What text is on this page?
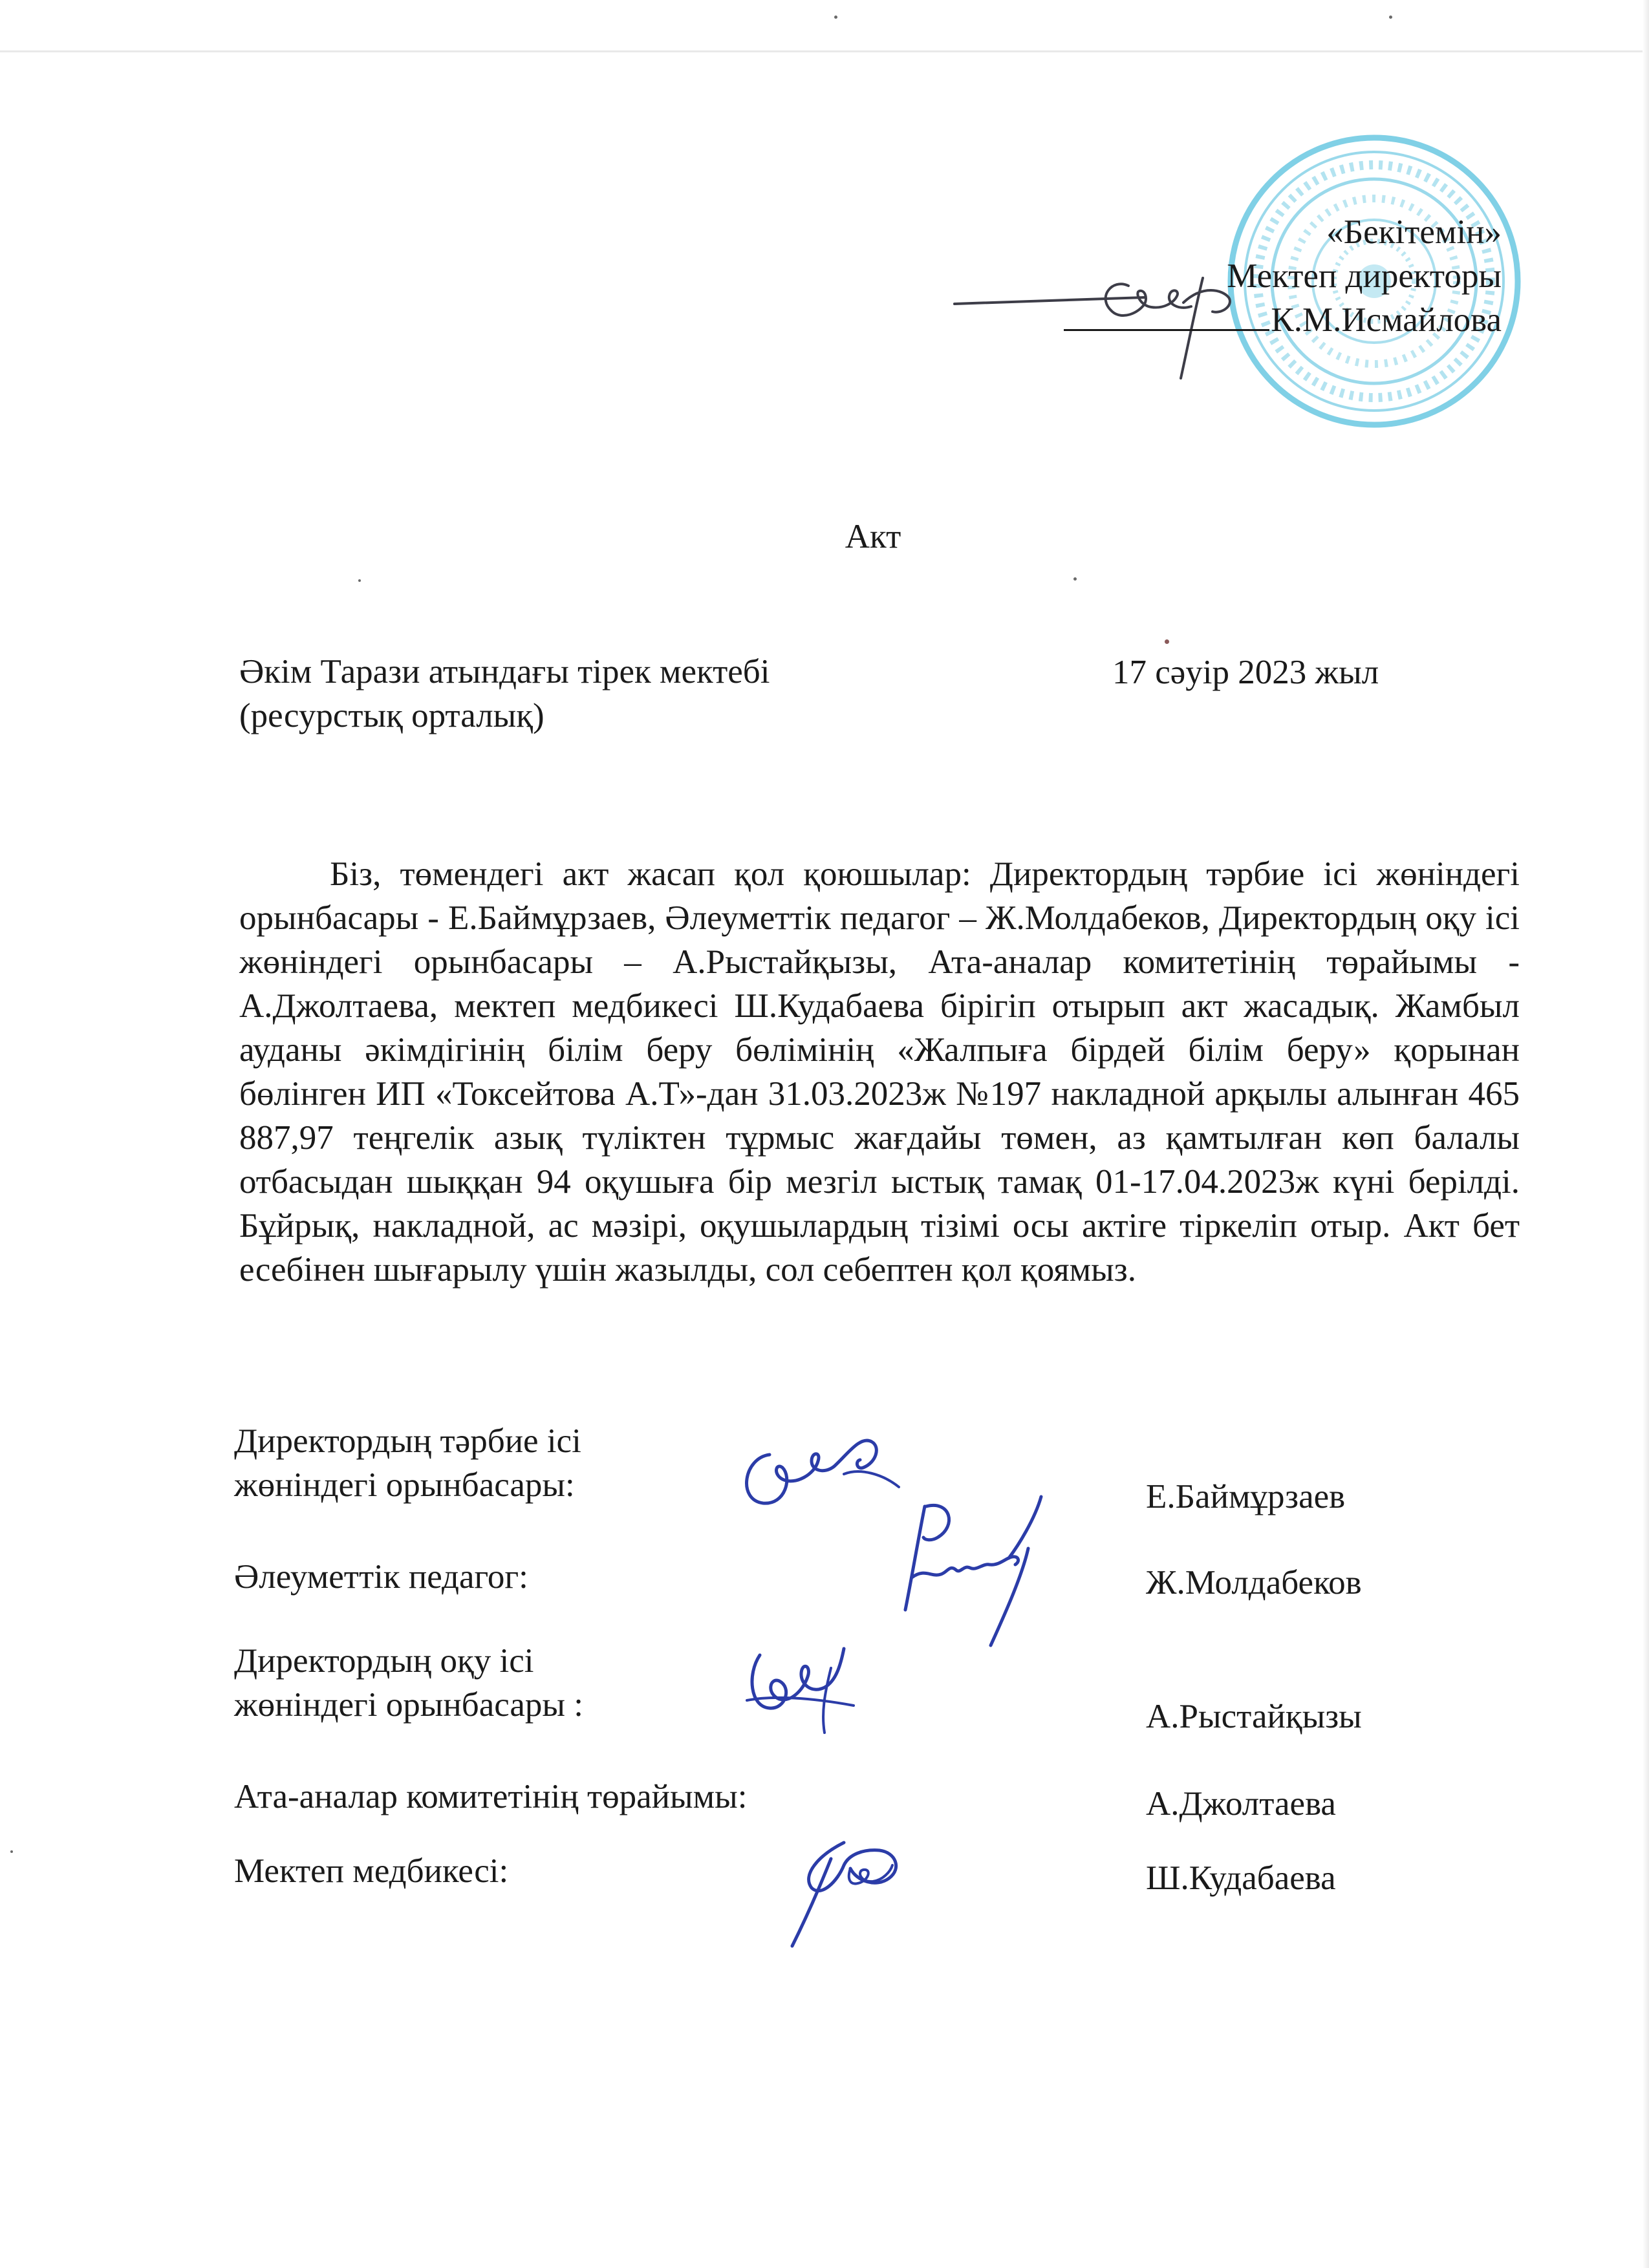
«Бекітемін»
Мектеп директоры
К.М.Исмайлова
Акт
Әкім Тарази атындағы тірек мектебі
(ресурстық орталық)
17 сәуір 2023 жыл

Біз, төмендегі акт жасап қол қоюшылар: Директордың тәрбие ісі жөніндегі орынбасары - Е.Баймұрзаев, Әлеуметтік педагог – Ж.Молдабеков, Директордың оқу ісі жөніндегі орынбасары – А.Рыстайқызы, Ата-аналар комитетінің төрайымы - А.Джолтаева, мектеп медбикесі Ш.Кудабаева бірігіп отырып акт жасадық. Жамбыл ауданы әкімдігінің білім беру бөлімінің «Жалпыға бірдей білім беру» қорынан бөлінген ИП «Токсейтова А.Т»-дан 31.03.2023ж №197 накладной арқылы алынған 465 887,97 теңгелік азық түліктен тұрмыс жағдайы төмен, аз қамтылған көп балалы отбасыдан шыққан 94 оқушыға бір мезгіл ыстық тамақ 01-17.04.2023ж күні берілді. Бұйрық, накладной, ас мәзірі, оқушылардың тізімі осы актіге тіркеліп отыр. Акт бет есебінен шығарылу үшін жазылды, сол себептен қол қоямыз.

Директордың тәрбие ісі
жөніндегі орынбасары:	Е.Баймұрзаев
Әлеуметтік педагог:	Ж.Молдабеков
Директордың оқу ісі
жөніндегі орынбасары :	А.Рыстайқызы
Ата-аналар комитетінің төрайымы:	А.Джолтаева
Мектеп медбикесі:	Ш.Кудабаева
